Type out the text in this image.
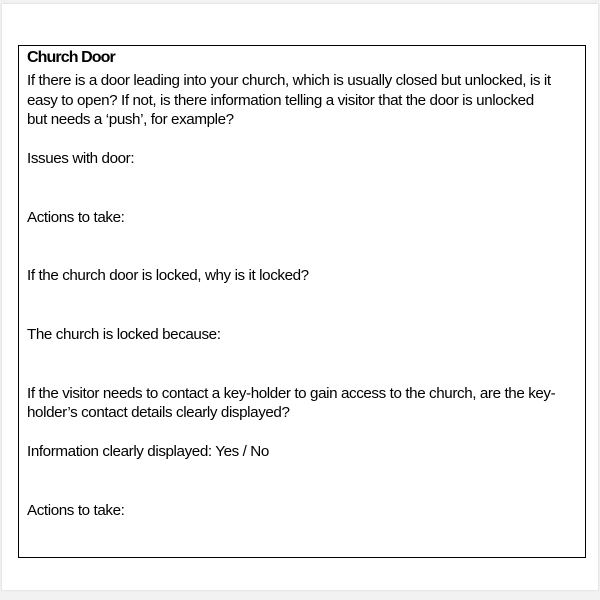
Church Door
If there is a door leading into your church, which is usually closed but unlocked, is it
easy to open? If not, is there information telling a visitor that the door is unlocked
but needs a ‘push’, for example?
Issues with door:
Actions to take:
If the church door is locked, why is it locked?
The church is locked because:
If the visitor needs to contact a key-holder to gain access to the church, are the key-
holder’s contact details clearly displayed?
Information clearly displayed: Yes / No
Actions to take:
